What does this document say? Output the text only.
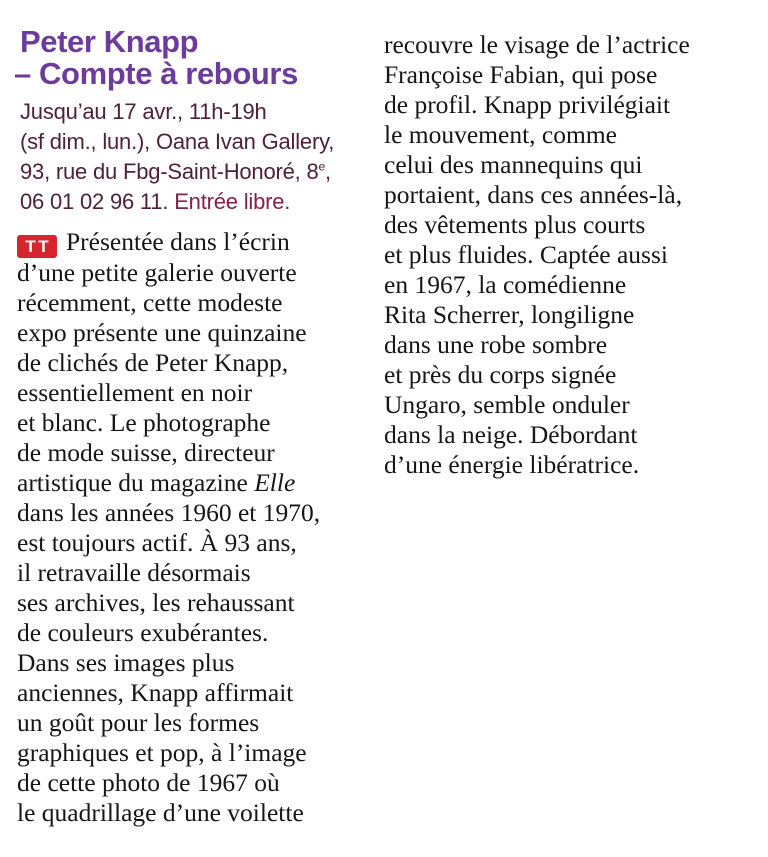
Peter Knapp
– Compte à rebours
Jusqu’au 17 avr., 11h-19h
(sf dim., lun.), Oana Ivan Gallery,
93, rue du Fbg-Saint-Honoré, 8e,
06 01 02 96 11. Entrée libre.
TT Présentée dans l’écrin
d’une petite galerie ouverte
récemment, cette modeste
expo présente une quinzaine
de clichés de Peter Knapp,
essentiellement en noir
et blanc. Le photographe
de mode suisse, directeur
artistique du magazine Elle
dans les années 1960 et 1970,
est toujours actif. À 93 ans,
il retravaille désormais
ses archives, les rehaussant
de couleurs exubérantes.
Dans ses images plus
anciennes, Knapp affirmait
un goût pour les formes
graphiques et pop, à l’image
de cette photo de 1967 où
le quadrillage d’une voilette
recouvre le visage de l’actrice
Françoise Fabian, qui pose
de profil. Knapp privilégiait
le mouvement, comme
celui des mannequins qui
portaient, dans ces années-là,
des vêtements plus courts
et plus fluides. Captée aussi
en 1967, la comédienne
Rita Scherrer, longiligne
dans une robe sombre
et près du corps signée
Ungaro, semble onduler
dans la neige. Débordant
d’une énergie libératrice.
